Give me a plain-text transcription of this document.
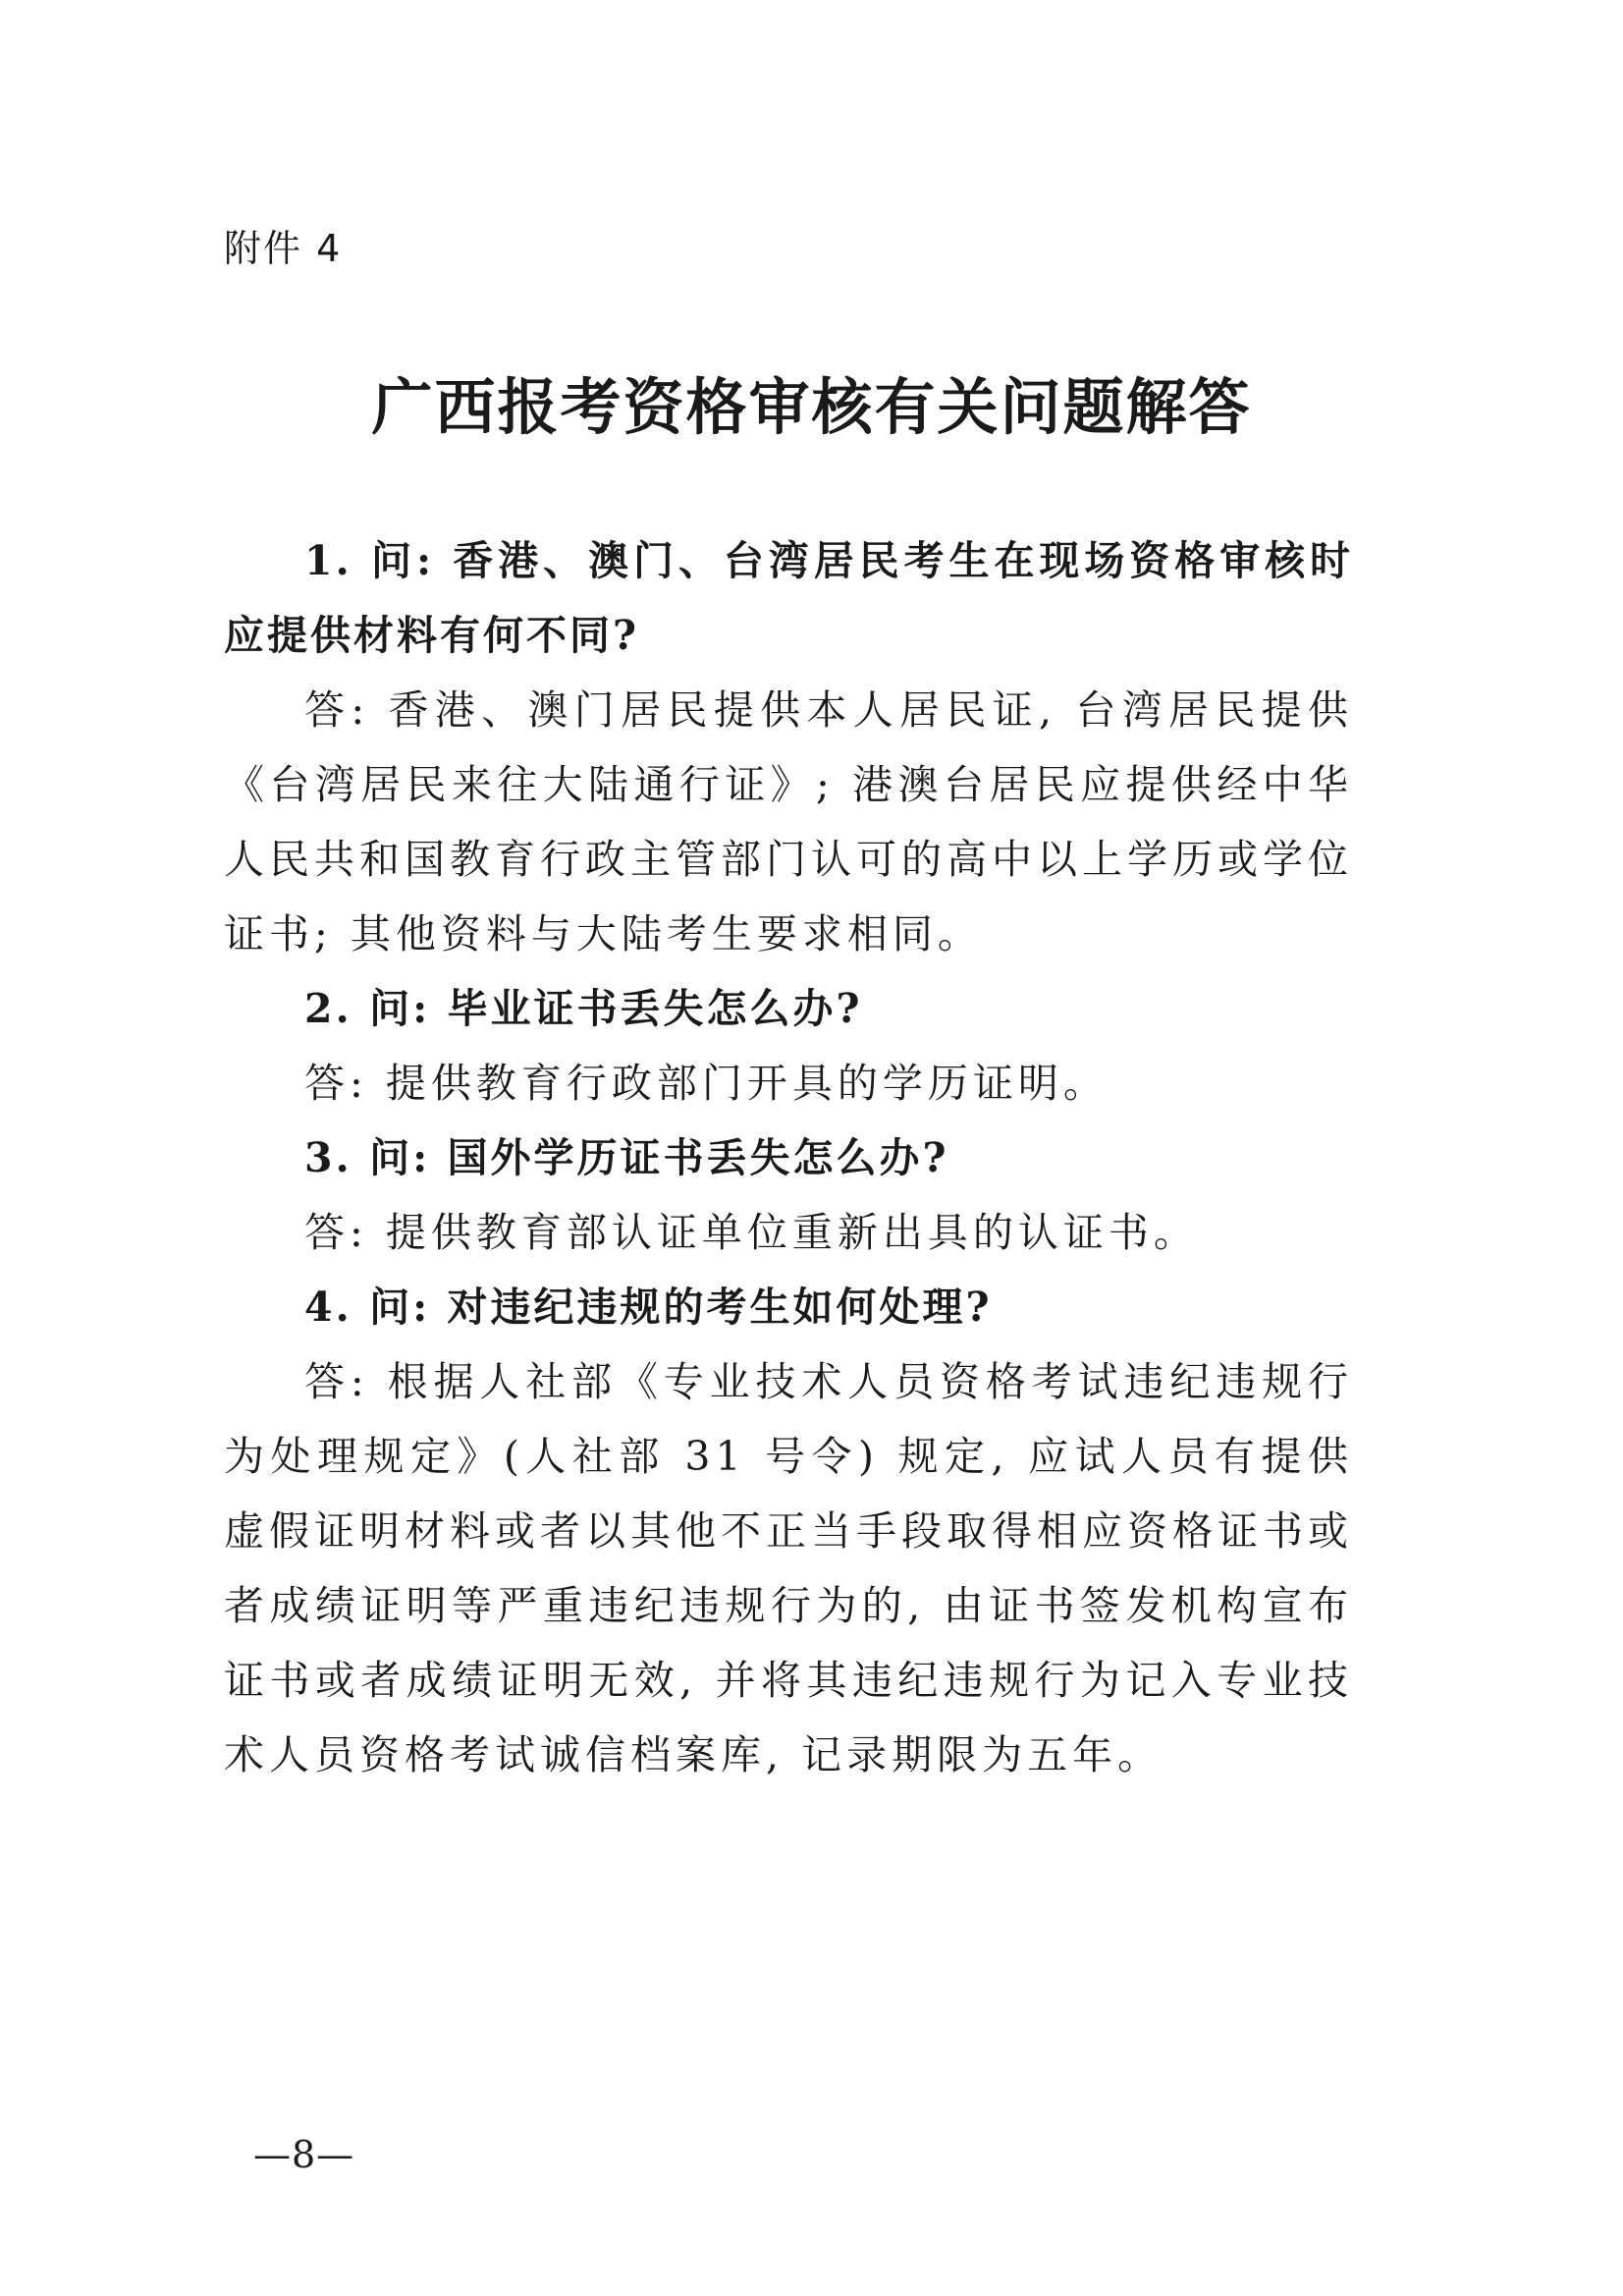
附件 4
广西报考资格审核有关问题解答

1. 问: 香港、澳门、台湾居民考生在现场资格审核时应提供材料有何不同?

答: 香港、澳门居民提供本人居民证, 台湾居民提供《台湾居民来往大陆通行证》; 港澳台居民应提供经中华人民共和国教育行政主管部门认可的高中以上学历或学位证书; 其他资料与大陆考生要求相同。

2. 问: 毕业证书丢失怎么办?

答: 提供教育行政部门开具的学历证明。

3. 问: 国外学历证书丢失怎么办?

答: 提供教育部认证单位重新出具的认证书。

4. 问: 对违纪违规的考生如何处理?

答: 根据人社部《专业技术人员资格考试违纪违规行为处理规定》(人社部 31 号令) 规定, 应试人员有提供虚假证明材料或者以其他不正当手段取得相应资格证书或者成绩证明等严重违纪违规行为的, 由证书签发机构宣布证书或者成绩证明无效, 并将其违纪违规行为记入专业技术人员资格考试诚信档案库, 记录期限为五年。

—8—
